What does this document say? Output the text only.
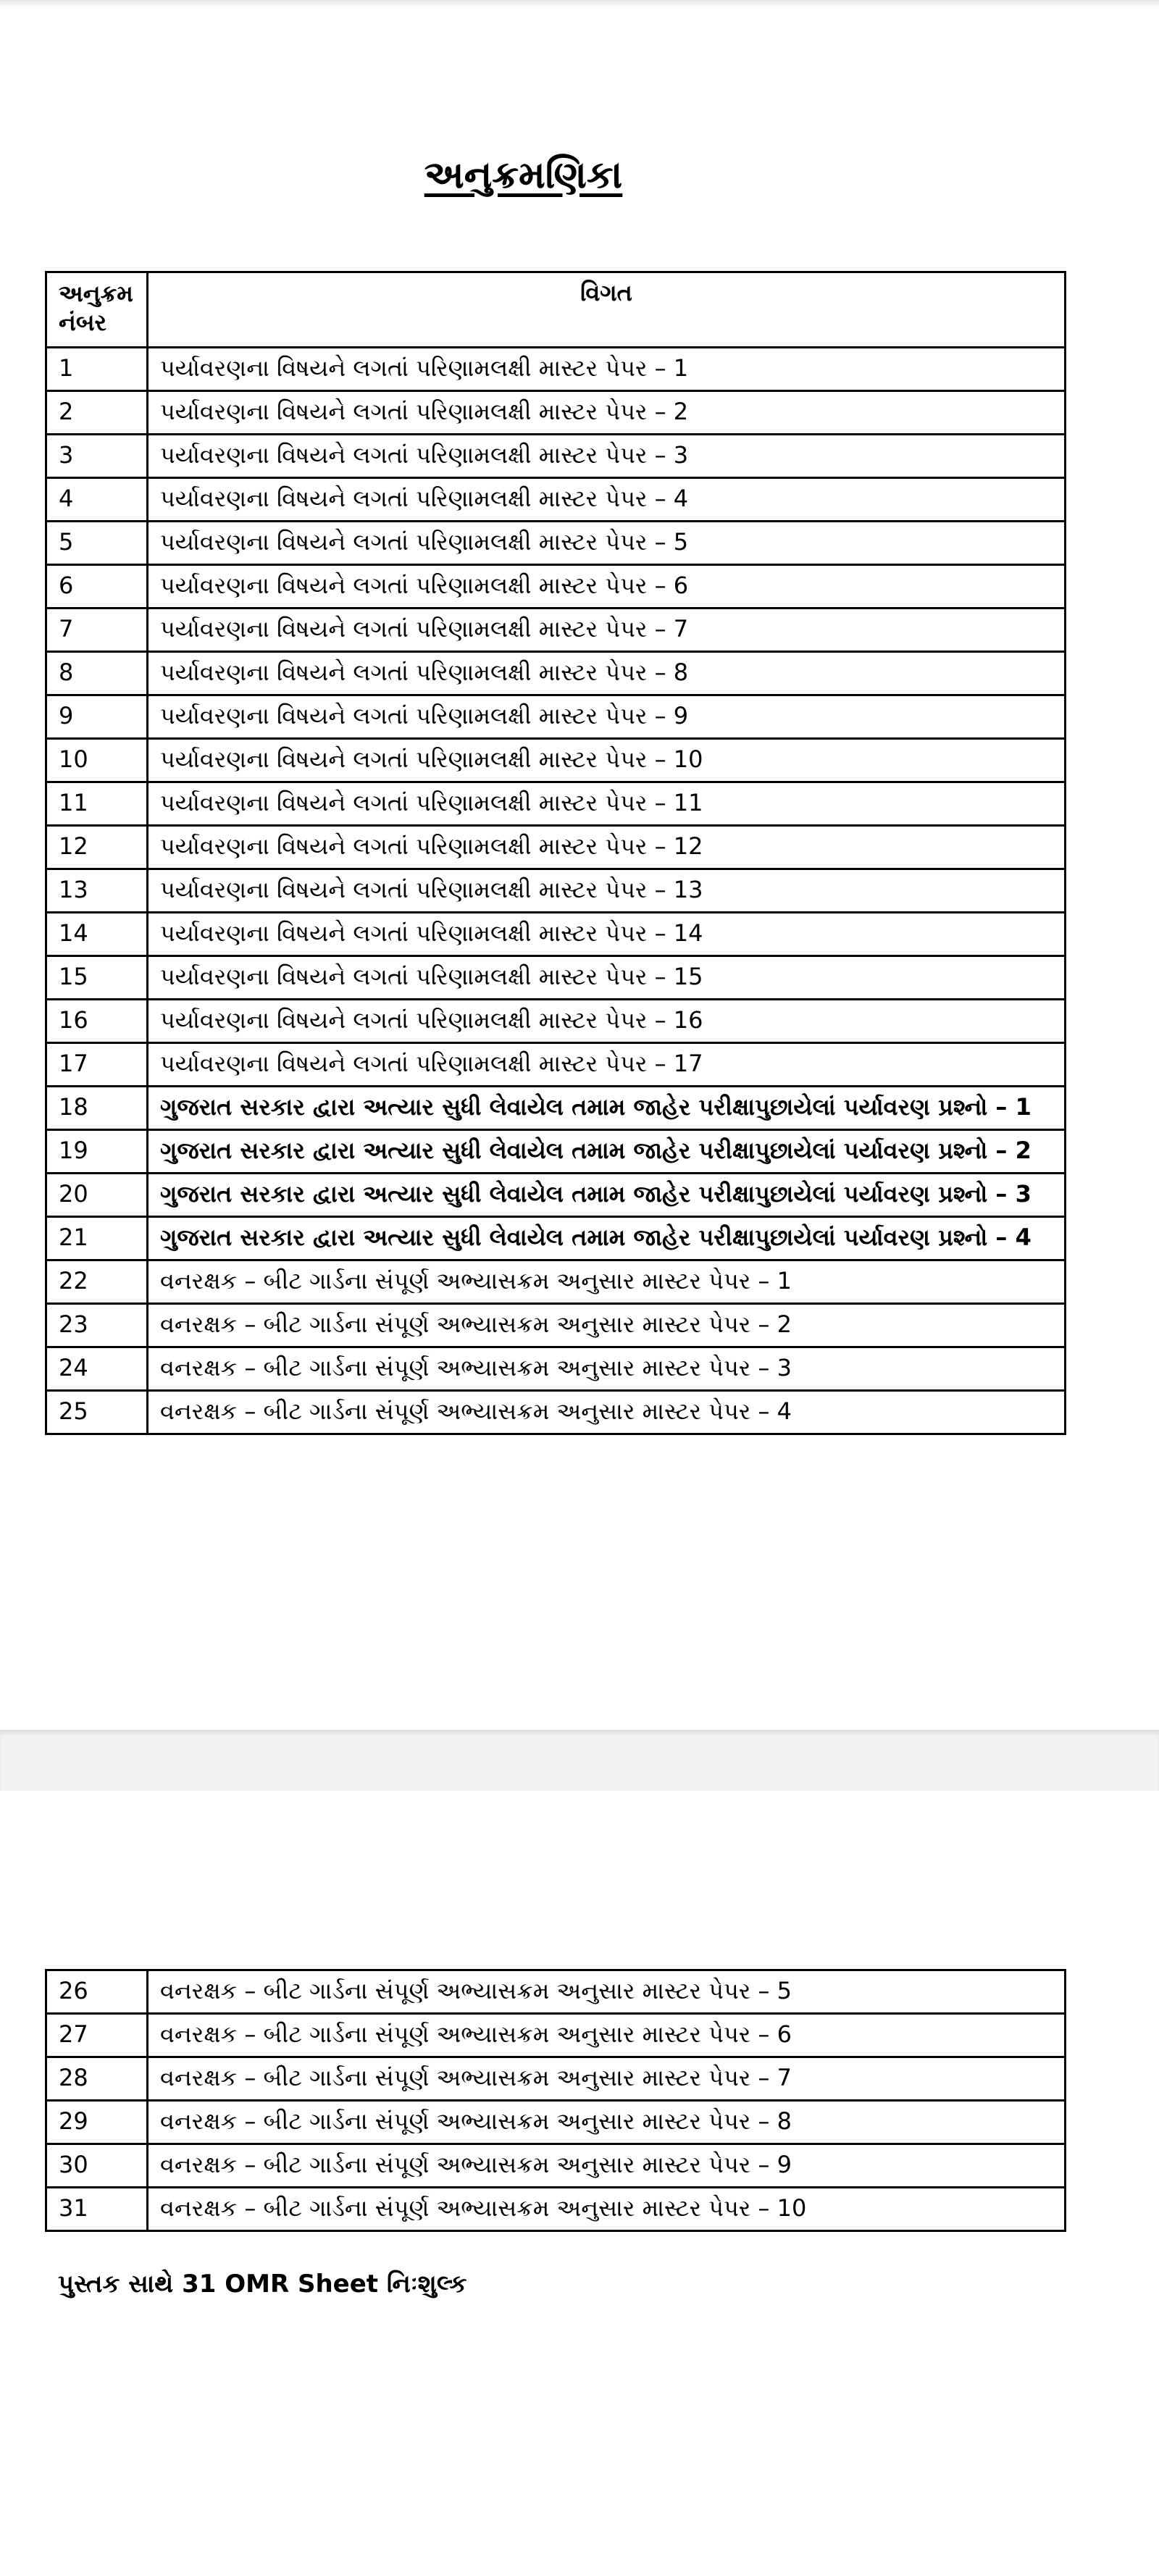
અનુક્રમણિકા
અનુક્રમ નંબર	વિગત
1	પર્યાવરણના વિષયને લગતાં પરિણામલક્ષી માસ્ટર પેપર – 1
2	પર્યાવરણના વિષયને લગતાં પરિણામલક્ષી માસ્ટર પેપર – 2
3	પર્યાવરણના વિષયને લગતાં પરિણામલક્ષી માસ્ટર પેપર – 3
4	પર્યાવરણના વિષયને લગતાં પરિણામલક્ષી માસ્ટર પેપર – 4
5	પર્યાવરણના વિષયને લગતાં પરિણામલક્ષી માસ્ટર પેપર – 5
6	પર્યાવરણના વિષયને લગતાં પરિણામલક્ષી માસ્ટર પેપર – 6
7	પર્યાવરણના વિષયને લગતાં પરિણામલક્ષી માસ્ટર પેપર – 7
8	પર્યાવરણના વિષયને લગતાં પરિણામલક્ષી માસ્ટર પેપર – 8
9	પર્યાવરણના વિષયને લગતાં પરિણામલક્ષી માસ્ટર પેપર – 9
10	પર્યાવરણના વિષયને લગતાં પરિણામલક્ષી માસ્ટર પેપર – 10
11	પર્યાવરણના વિષયને લગતાં પરિણામલક્ષી માસ્ટર પેપર – 11
12	પર્યાવરણના વિષયને લગતાં પરિણામલક્ષી માસ્ટર પેપર – 12
13	પર્યાવરણના વિષયને લગતાં પરિણામલક્ષી માસ્ટર પેપર – 13
14	પર્યાવરણના વિષયને લગતાં પરિણામલક્ષી માસ્ટર પેપર – 14
15	પર્યાવરણના વિષયને લગતાં પરિણામલક્ષી માસ્ટર પેપર – 15
16	પર્યાવરણના વિષયને લગતાં પરિણામલક્ષી માસ્ટર પેપર – 16
17	પર્યાવરણના વિષયને લગતાં પરિણામલક્ષી માસ્ટર પેપર – 17
18	ગુજરાત સરકાર દ્વારા અત્યાર સુધી લેવાયેલ તમામ જાહેર પરીક્ષાપુછાયેલાં પર્યાવરણ પ્રશ્નો – 1
19	ગુજરાત સરકાર દ્વારા અત્યાર સુધી લેવાયેલ તમામ જાહેર પરીક્ષાપુછાયેલાં પર્યાવરણ પ્રશ્નો – 2
20	ગુજરાત સરકાર દ્વારા અત્યાર સુધી લેવાયેલ તમામ જાહેર પરીક્ષાપુછાયેલાં પર્યાવરણ પ્રશ્નો – 3
21	ગુજરાત સરકાર દ્વારા અત્યાર સુધી લેવાયેલ તમામ જાહેર પરીક્ષાપુછાયેલાં પર્યાવરણ પ્રશ્નો – 4
22	વનરક્ષક – બીટ ગાર્ડના સંપૂર્ણ અભ્યાસક્રમ અનુસાર માસ્ટર પેપર – 1
23	વનરક્ષક – બીટ ગાર્ડના સંપૂર્ણ અભ્યાસક્રમ અનુસાર માસ્ટર પેપર – 2
24	વનરક્ષક – બીટ ગાર્ડના સંપૂર્ણ અભ્યાસક્રમ અનુસાર માસ્ટર પેપર – 3
25	વનરક્ષક – બીટ ગાર્ડના સંપૂર્ણ અભ્યાસક્રમ અનુસાર માસ્ટર પેપર – 4
26	વનરક્ષક – બીટ ગાર્ડના સંપૂર્ણ અભ્યાસક્રમ અનુસાર માસ્ટર પેપર – 5
27	વનરક્ષક – બીટ ગાર્ડના સંપૂર્ણ અભ્યાસક્રમ અનુસાર માસ્ટર પેપર – 6
28	વનરક્ષક – બીટ ગાર્ડના સંપૂર્ણ અભ્યાસક્રમ અનુસાર માસ્ટર પેપર – 7
29	વનરક્ષક – બીટ ગાર્ડના સંપૂર્ણ અભ્યાસક્રમ અનુસાર માસ્ટર પેપર – 8
30	વનરક્ષક – બીટ ગાર્ડના સંપૂર્ણ અભ્યાસક્રમ અનુસાર માસ્ટર પેપર – 9
31	વનરક્ષક – બીટ ગાર્ડના સંપૂર્ણ અભ્યાસક્રમ અનુસાર માસ્ટર પેપર – 10
પુસ્તક સાથે 31 OMR Sheet નિઃશુલ્ક
